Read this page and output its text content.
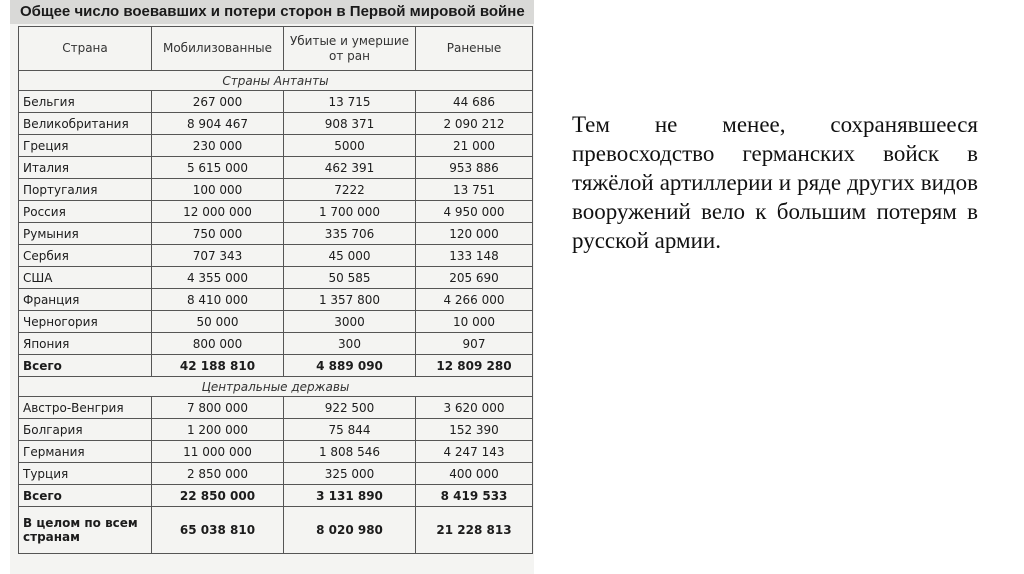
Общее число воевавших и потери сторон в Первой мировой войне
Страна	Мобилизованные	Убитые и умершие от ран	Раненые
Страны Антанты			
Бельгия	267 000	13 715	44 686
Великобритания	8 904 467	908 371	2 090 212
Греция	230 000	5000	21 000
Италия	5 615 000	462 391	953 886
Португалия	100 000	7222	13 751
Россия	12 000 000	1 700 000	4 950 000
Румыния	750 000	335 706	120 000
Сербия	707 343	45 000	133 148
США	4 355 000	50 585	205 690
Франция	8 410 000	1 357 800	4 266 000
Черногория	50 000	3000	10 000
Япония	800 000	300	907
Всего	42 188 810	4 889 090	12 809 280
Центральные державы			
Австро-Венгрия	7 800 000	922 500	3 620 000
Болгария	1 200 000	75 844	152 390
Германия	11 000 000	1 808 546	4 247 143
Турция	2 850 000	325 000	400 000
Всего	22 850 000	3 131 890	8 419 533
В целом по всем странам	65 038 810	8 020 980	21 228 813
Тем не менее, сохранявшееся превосходство германских войск в тяжёлой артиллерии и ряде других видов вооружений вело к большим потерям в русской армии.
